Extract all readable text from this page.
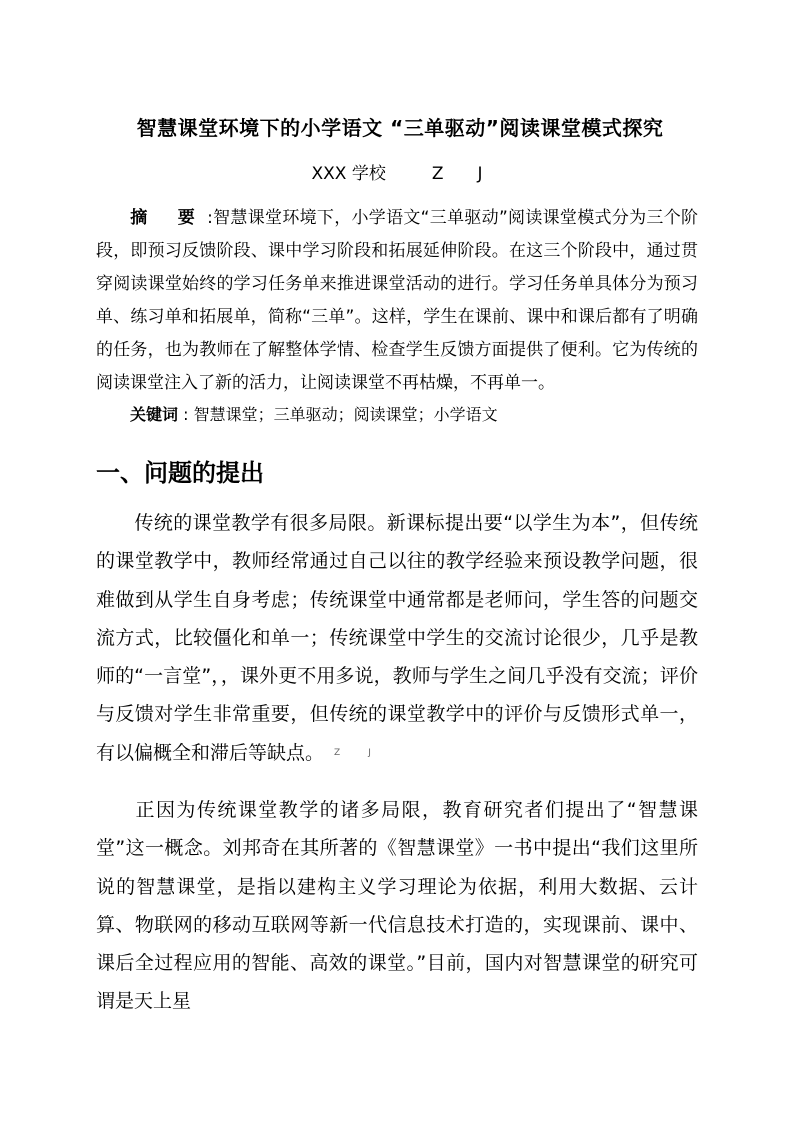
智慧课堂环境下的小学语文 “三单驱动”阅读课堂模式探究
XXX 学校	Z J
摘 要:智慧课堂环境下，小学语文“三单驱动”阅读课堂模式分为三个阶段，即预习反馈阶段、课中学习阶段和拓展延伸阶段。在这三个阶段中，通过贯穿阅读课堂始终的学习任务单来推进课堂活动的进行。学习任务单具体分为预习单、练习单和拓展单，简称“三单”。这样，学生在课前、课中和课后都有了明确的任务，也为教师在了解整体学情、检查学生反馈方面提供了便利。它为传统的阅读课堂注入了新的活力，让阅读课堂不再枯燥，不再单一。
关键词 : 智慧课堂；三单驱动；阅读课堂；小学语文
一、问题的提出
传统的课堂教学有很多局限。新课标提出要“以学生为本”，但传统的课堂教学中，教师经常通过自己以往的教学经验来预设教学问题，很难做到从学生自身考虑；传统课堂中通常都是老师问，学生答的问题交流方式，比较僵化和单一；传统课堂中学生的交流讨论很少，几乎是教师的“一言堂”，，课外更不用多说，教师与学生之间几乎没有交流；评价与反馈对学生非常重要，但传统的课堂教学中的评价与反馈形式单一，有以偏概全和滞后等缺点。 Z	J
正因为传统课堂教学的诸多局限，教育研究者们提出了“智慧课堂”这一概念。刘邦奇在其所著的《智慧课堂》一书中提出“我们这里所说的智慧课堂，是指以建构主义学习理论为依据，利用大数据、云计算、物联网的移动互联网等新一代信息技术打造的，实现课前、课中、课后全过程应用的智能、高效的课堂。”目前，国内对智慧课堂的研究可谓是天上星
